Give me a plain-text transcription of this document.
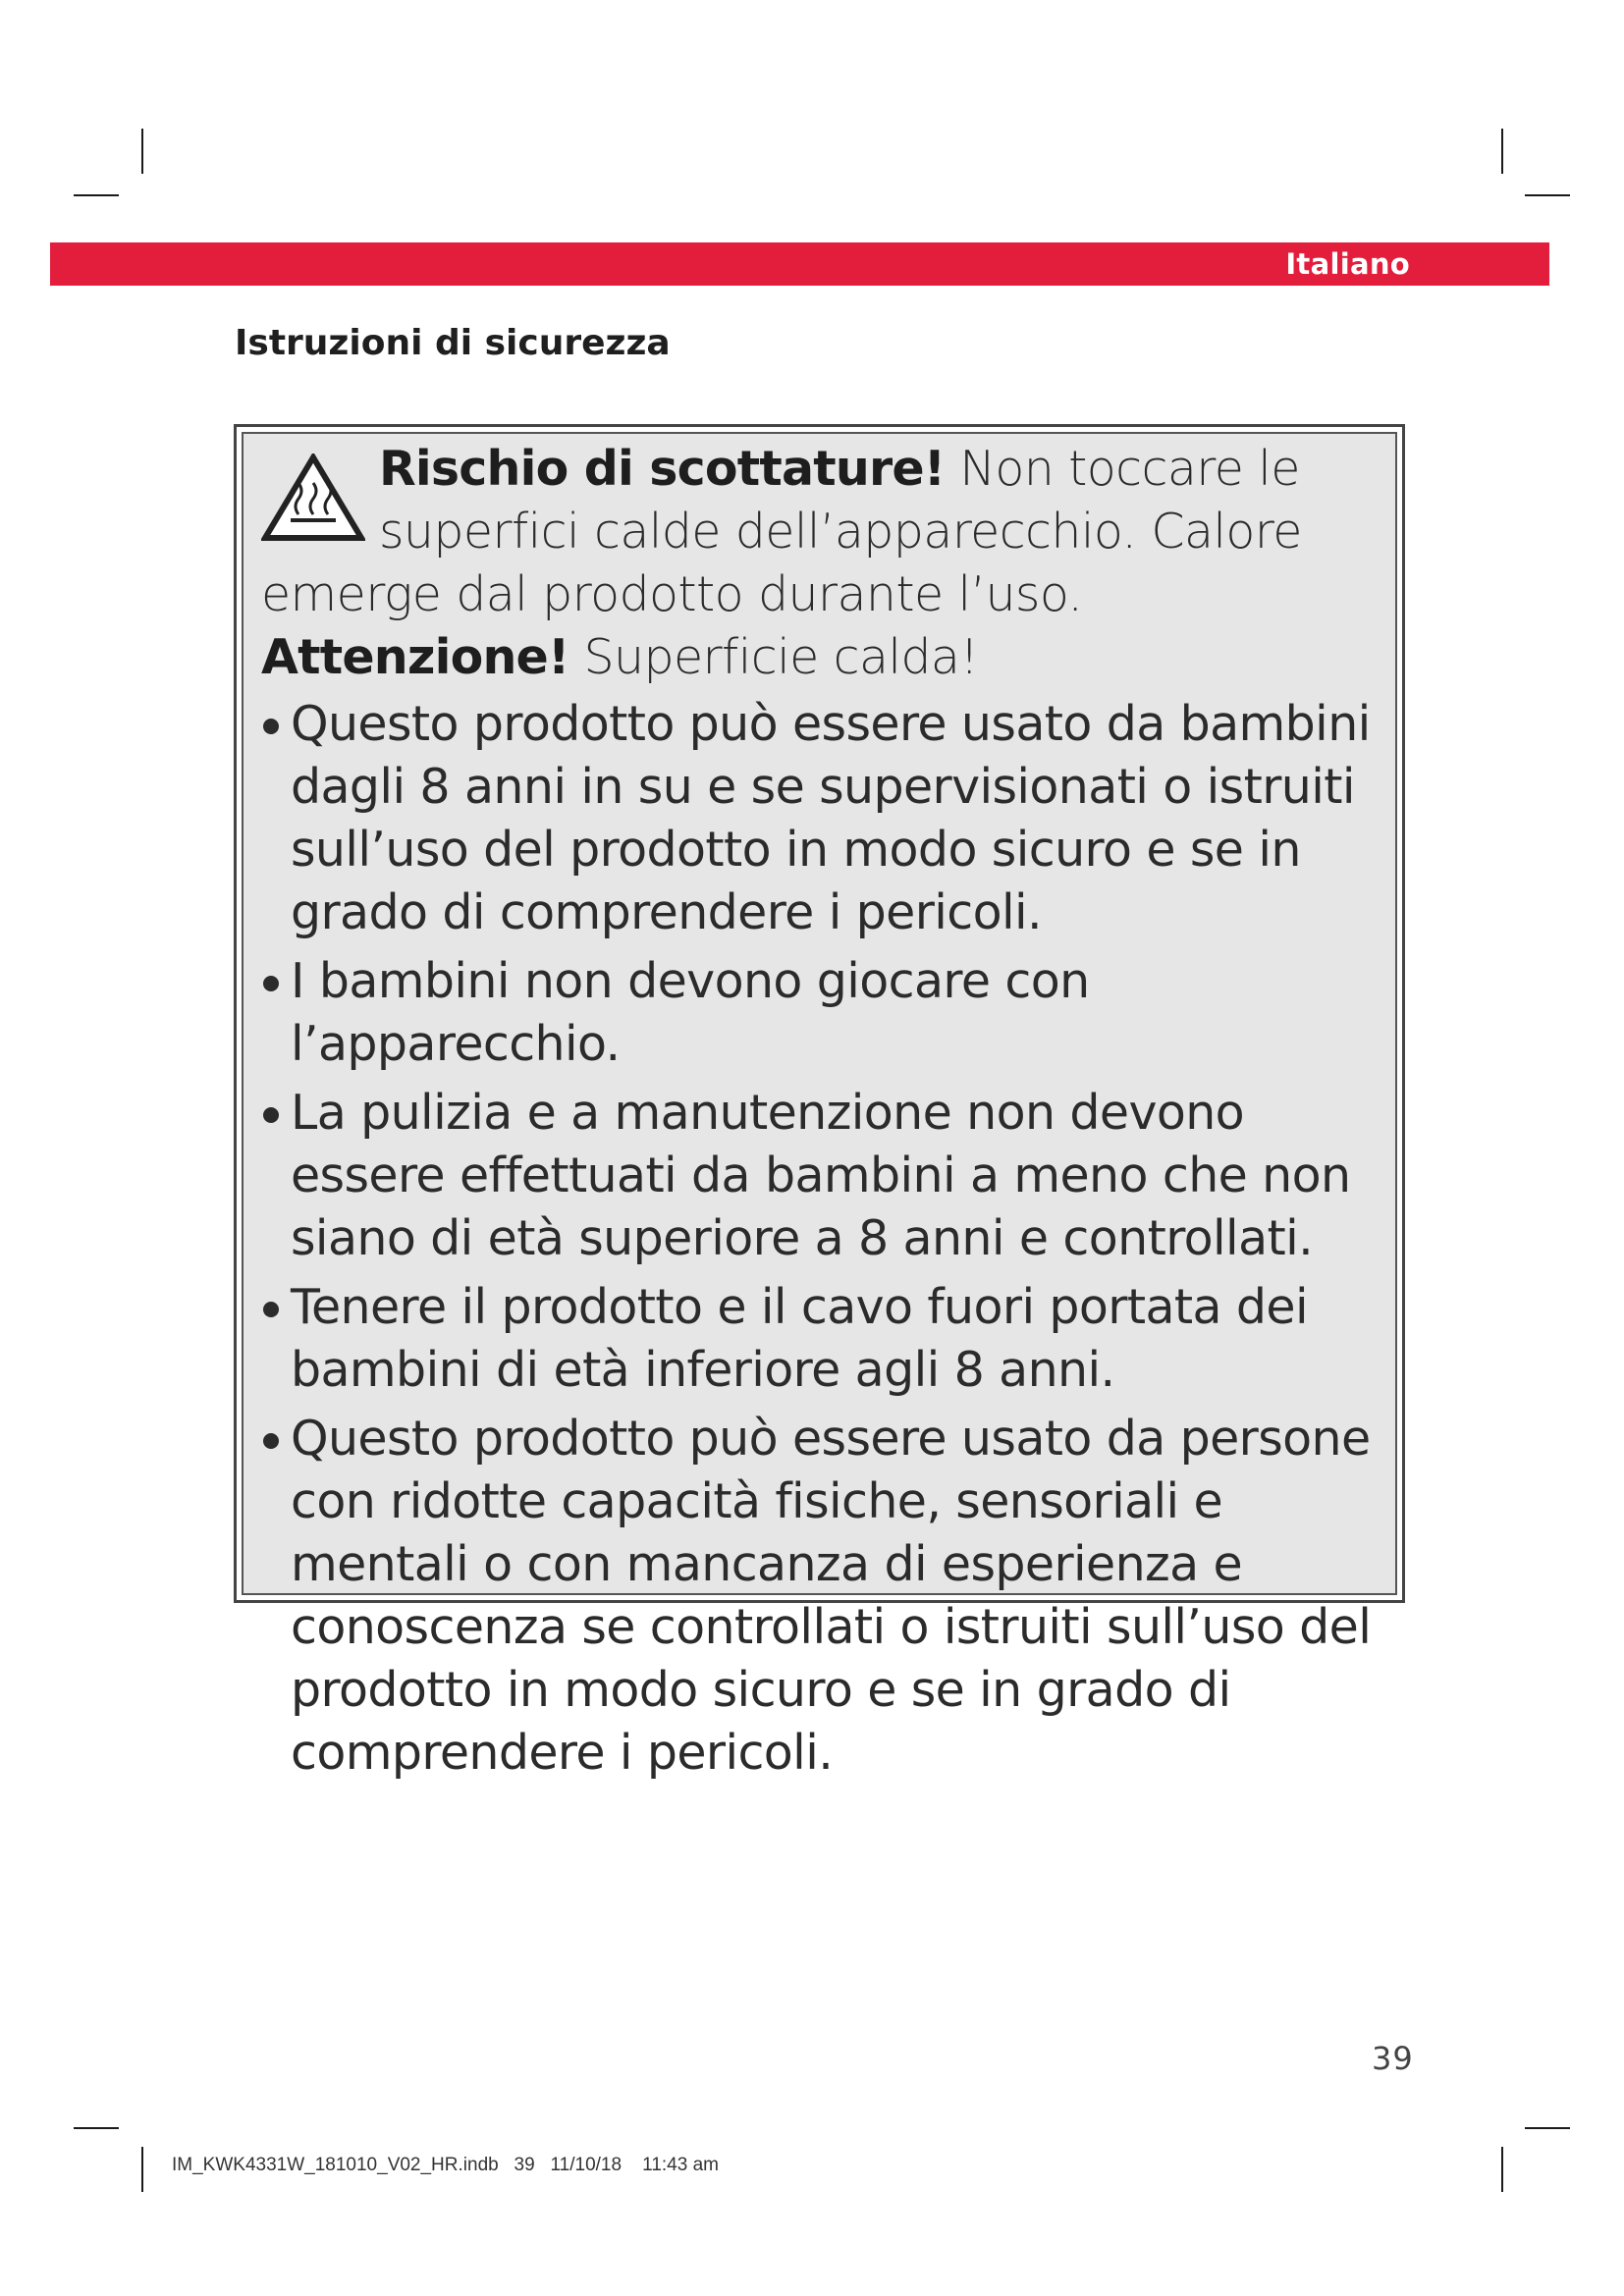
Italiano
Istruzioni di sicurezza
Rischio di scottature! Non toccare le superfici calde dell’apparecchio. Calore emerge dal prodotto durante l’uso. Attenzione! Superficie calda!
Questo prodotto può essere usato da bambini dagli 8 anni in su e se supervisionati o istruiti sull’uso del prodotto in modo sicuro e se in grado di comprendere i pericoli.
I bambini non devono giocare con l’apparecchio.
La pulizia e a manutenzione non devono essere effettuati da bambini a meno che non siano di età superiore a 8 anni e controllati.
Tenere il prodotto e il cavo fuori portata dei bambini di età inferiore agli 8 anni.
Questo prodotto può essere usato da persone con ridotte capacità fisiche, sensoriali e mentali o con mancanza di esperienza e conoscenza se controllati o istruiti sull’uso del prodotto in modo sicuro e se in grado di comprendere i pericoli.
39
IM_KWK4331W_181010_V02_HR.indb   39   11/10/18    11:43 am
